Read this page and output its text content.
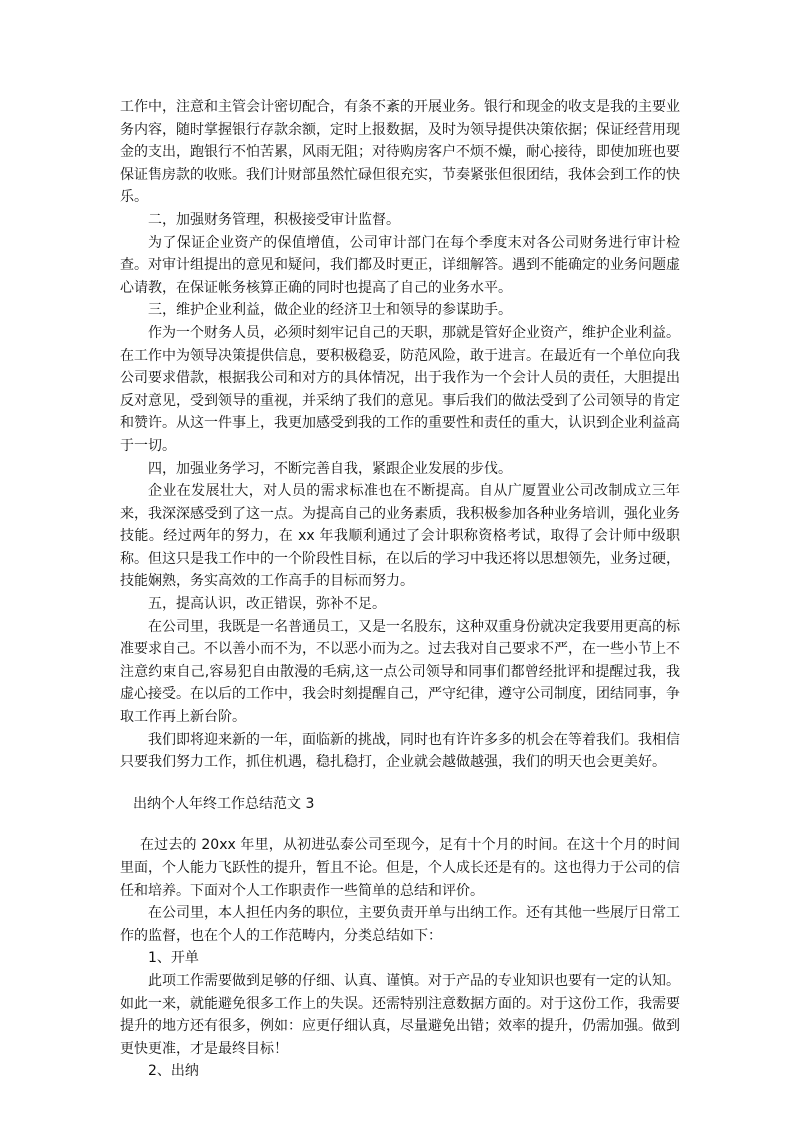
工作中，注意和主管会计密切配合，有条不紊的开展业务。银行和现金的收支是我的主要业务内容，随时掌握银行存款余额，定时上报数据，及时为领导提供决策依据；保证经营用现金的支出，跑银行不怕苦累，风雨无阻；对待购房客户不烦不燥，耐心接待，即使加班也要保证售房款的收账。我们计财部虽然忙碌但很充实，节奏紧张但很团结，我体会到工作的快乐。

二，加强财务管理，积极接受审计监督。

为了保证企业资产的保值增值，公司审计部门在每个季度末对各公司财务进行审计检查。对审计组提出的意见和疑问，我们都及时更正，详细解答。遇到不能确定的业务问题虚心请教，在保证帐务核算正确的同时也提高了自己的业务水平。

三，维护企业利益，做企业的经济卫士和领导的参谋助手。

作为一个财务人员，必须时刻牢记自己的天职，那就是管好企业资产，维护企业利益。在工作中为领导决策提供信息，要积极稳妥，防范风险，敢于进言。在最近有一个单位向我公司要求借款，根据我公司和对方的具体情况，出于我作为一个会计人员的责任，大胆提出反对意见，受到领导的重视，并采纳了我们的意见。事后我们的做法受到了公司领导的肯定和赞许。从这一件事上，我更加感受到我的工作的重要性和责任的重大，认识到企业利益高于一切。

四，加强业务学习，不断完善自我，紧跟企业发展的步伐。

企业在发展壮大，对人员的需求标准也在不断提高。自从广厦置业公司改制成立三年来，我深深感受到了这一点。为提高自己的业务素质，我积极参加各种业务培训，强化业务技能。经过两年的努力，在 xx 年我顺利通过了会计职称资格考试，取得了会计师中级职称。但这只是我工作中的一个阶段性目标，在以后的学习中我还将以思想领先，业务过硬，技能娴熟，务实高效的工作高手的目标而努力。

五，提高认识，改正错误，弥补不足。

在公司里，我既是一名普通员工，又是一名股东，这种双重身份就决定我要用更高的标准要求自己。不以善小而不为，不以恶小而为之。过去我对自己要求不严，在一些小节上不注意约束自己,容易犯自由散漫的毛病,这一点公司领导和同事们都曾经批评和提醒过我，我虚心接受。在以后的工作中，我会时刻提醒自己，严守纪律，遵守公司制度，团结同事，争取工作再上新台阶。

我们即将迎来新的一年，面临新的挑战，同时也有许许多多的机会在等着我们。我相信只要我们努力工作，抓住机遇，稳扎稳打，企业就会越做越强，我们的明天也会更美好。

出纳个人年终工作总结范文 3

在过去的 20xx 年里，从初进弘泰公司至现今，足有十个月的时间。在这十个月的时间里面，个人能力飞跃性的提升，暂且不论。但是，个人成长还是有的。这也得力于公司的信任和培养。下面对个人工作职责作一些简单的总结和评价。

在公司里，本人担任内务的职位，主要负责开单与出纳工作。还有其他一些展厅日常工作的监督，也在个人的工作范畴内，分类总结如下：

1、开单

此项工作需要做到足够的仔细、认真、谨慎。对于产品的专业知识也要有一定的认知。如此一来，就能避免很多工作上的失误。还需特别注意数据方面的。对于这份工作，我需要提升的地方还有很多，例如：应更仔细认真，尽量避免出错；效率的提升，仍需加强。做到更快更准，才是最终目标！

2、出纳
